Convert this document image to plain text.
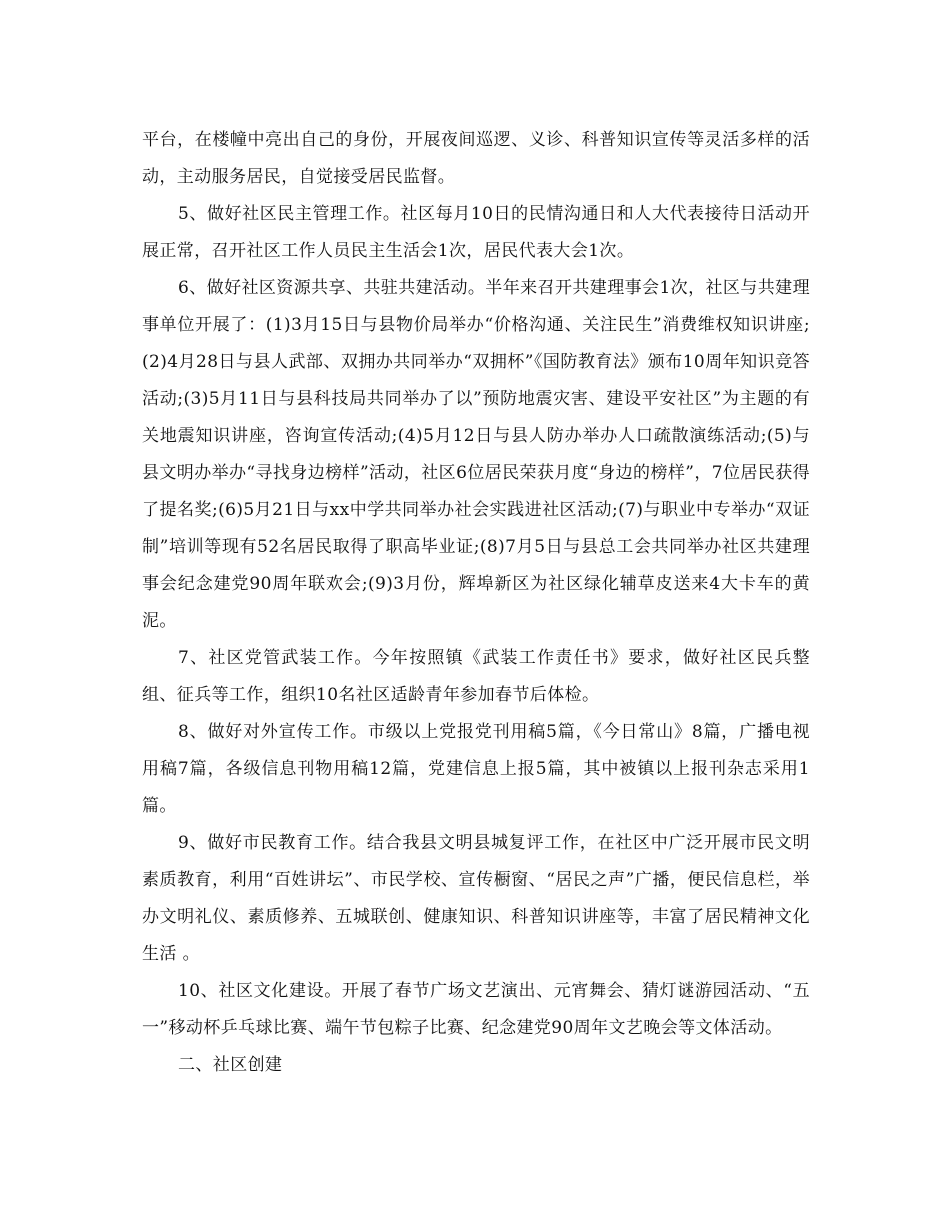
平台，在楼幢中亮出自己的身份，开展夜间巡逻、义诊、科普知识宣传等灵活多样的活动，主动服务居民，自觉接受居民监督。

5、做好社区民主管理工作。社区每月10日的民情沟通日和人大代表接待日活动开展正常，召开社区工作人员民主生活会1次，居民代表大会1次。

6、做好社区资源共享、共驻共建活动。半年来召开共建理事会1次，社区与共建理事单位开展了：(1)3月15日与县物价局举办“价格沟通、关注民生”消费维权知识讲座;(2)4月28日与县人武部、双拥办共同举办“双拥杯”《国防教育法》颁布10周年知识竞答活动;(3)5月11日与县科技局共同举办了以”预防地震灾害、建设平安社区”为主题的有关地震知识讲座，咨询宣传活动;(4)5月12日与县人防办举办人口疏散演练活动;(5)与县文明办举办“寻找身边榜样”活动，社区6位居民荣获月度“身边的榜样”，7位居民获得了提名奖;(6)5月21日与xx中学共同举办社会实践进社区活动;(7)与职业中专举办“双证制”培训等现有52名居民取得了职高毕业证;(8)7月5日与县总工会共同举办社区共建理事会纪念建党90周年联欢会;(9)3月份，辉埠新区为社区绿化辅草皮送来4大卡车的黄泥。

7、社区党管武装工作。今年按照镇《武装工作责任书》要求，做好社区民兵整组、征兵等工作，组织10名社区适龄青年参加春节后体检。

8、做好对外宣传工作。市级以上党报党刊用稿5篇，《今日常山》8篇，广播电视用稿7篇，各级信息刊物用稿12篇，党建信息上报5篇，其中被镇以上报刊杂志采用1篇。

9、做好市民教育工作。结合我县文明县城复评工作，在社区中广泛开展市民文明素质教育，利用“百姓讲坛”、市民学校、宣传橱窗、“居民之声”广播，便民信息栏，举办文明礼仪、素质修养、五城联创、健康知识、科普知识讲座等，丰富了居民精神文化生活 。

10、社区文化建设。开展了春节广场文艺演出、元宵舞会、猜灯谜游园活动、“五一”移动杯乒乓球比赛、端午节包粽子比赛、纪念建党90周年文艺晚会等文体活动。

二、社区创建
